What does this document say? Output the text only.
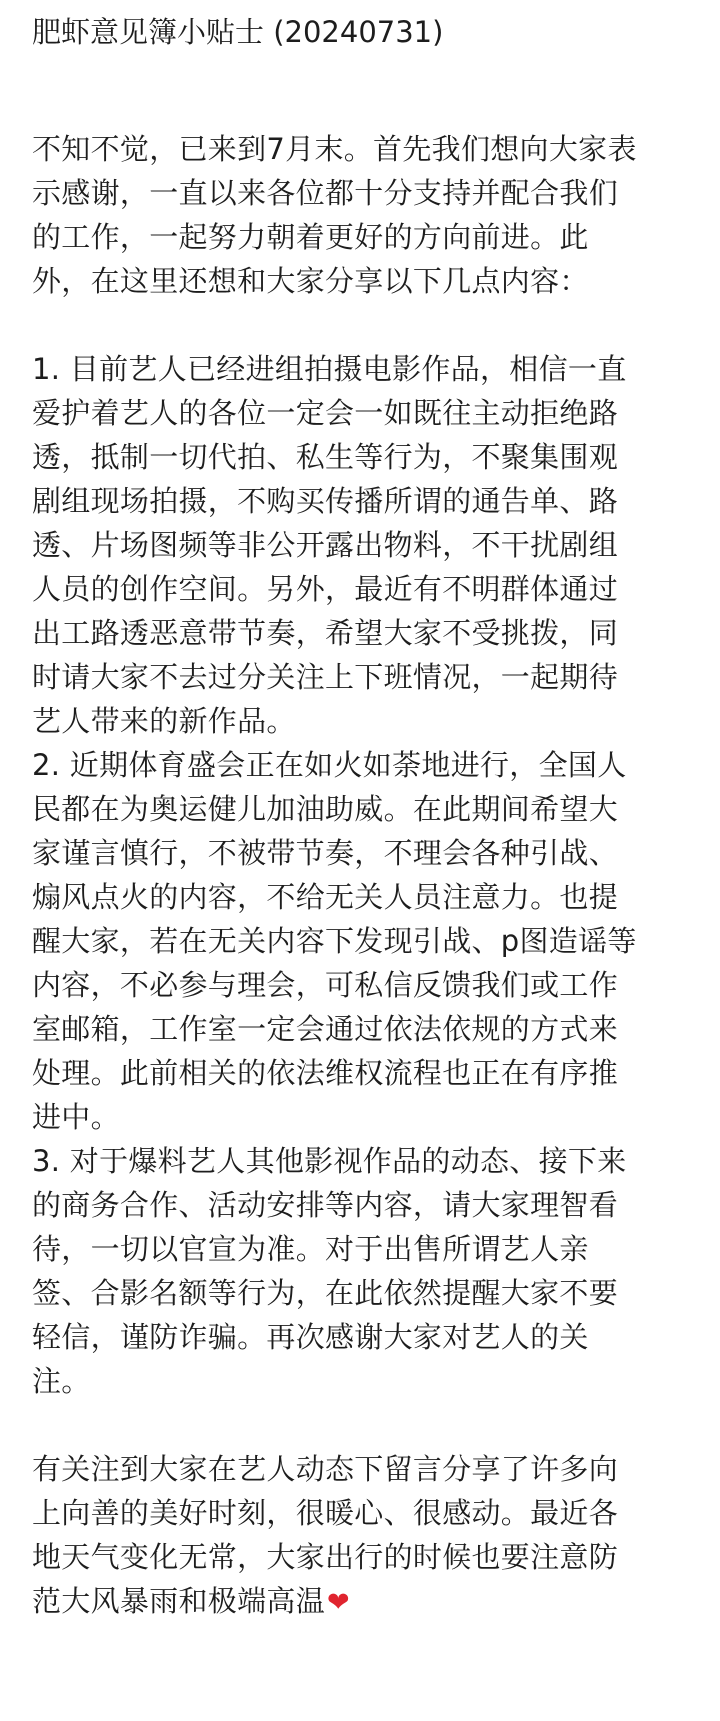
肥虾意见簿小贴士 (20240731)
不知不觉，已来到7月末。首先我们想向大家表
示感谢，一直以来各位都十分支持并配合我们
的工作，一起努力朝着更好的方向前进。此
外，在这里还想和大家分享以下几点内容：
1. 目前艺人已经进组拍摄电影作品，相信一直
爱护着艺人的各位一定会一如既往主动拒绝路
透，抵制一切代拍、私生等行为，不聚集围观
剧组现场拍摄，不购买传播所谓的通告单、路
透、片场图频等非公开露出物料，不干扰剧组
人员的创作空间。另外，最近有不明群体通过
出工路透恶意带节奏，希望大家不受挑拨，同
时请大家不去过分关注上下班情况，一起期待
艺人带来的新作品。
2. 近期体育盛会正在如火如荼地进行，全国人
民都在为奥运健儿加油助威。在此期间希望大
家谨言慎行，不被带节奏，不理会各种引战、
煽风点火的内容，不给无关人员注意力。也提
醒大家，若在无关内容下发现引战、p图造谣等
内容，不必参与理会，可私信反馈我们或工作
室邮箱，工作室一定会通过依法依规的方式来
处理。此前相关的依法维权流程也正在有序推
进中。
3. 对于爆料艺人其他影视作品的动态、接下来
的商务合作、活动安排等内容，请大家理智看
待，一切以官宣为准。对于出售所谓艺人亲
签、合影名额等行为，在此依然提醒大家不要
轻信，谨防诈骗。再次感谢大家对艺人的关
注。
有关注到大家在艺人动态下留言分享了许多向
上向善的美好时刻，很暖心、很感动。最近各
地天气变化无常，大家出行的时候也要注意防
范大风暴雨和极端高温❤
